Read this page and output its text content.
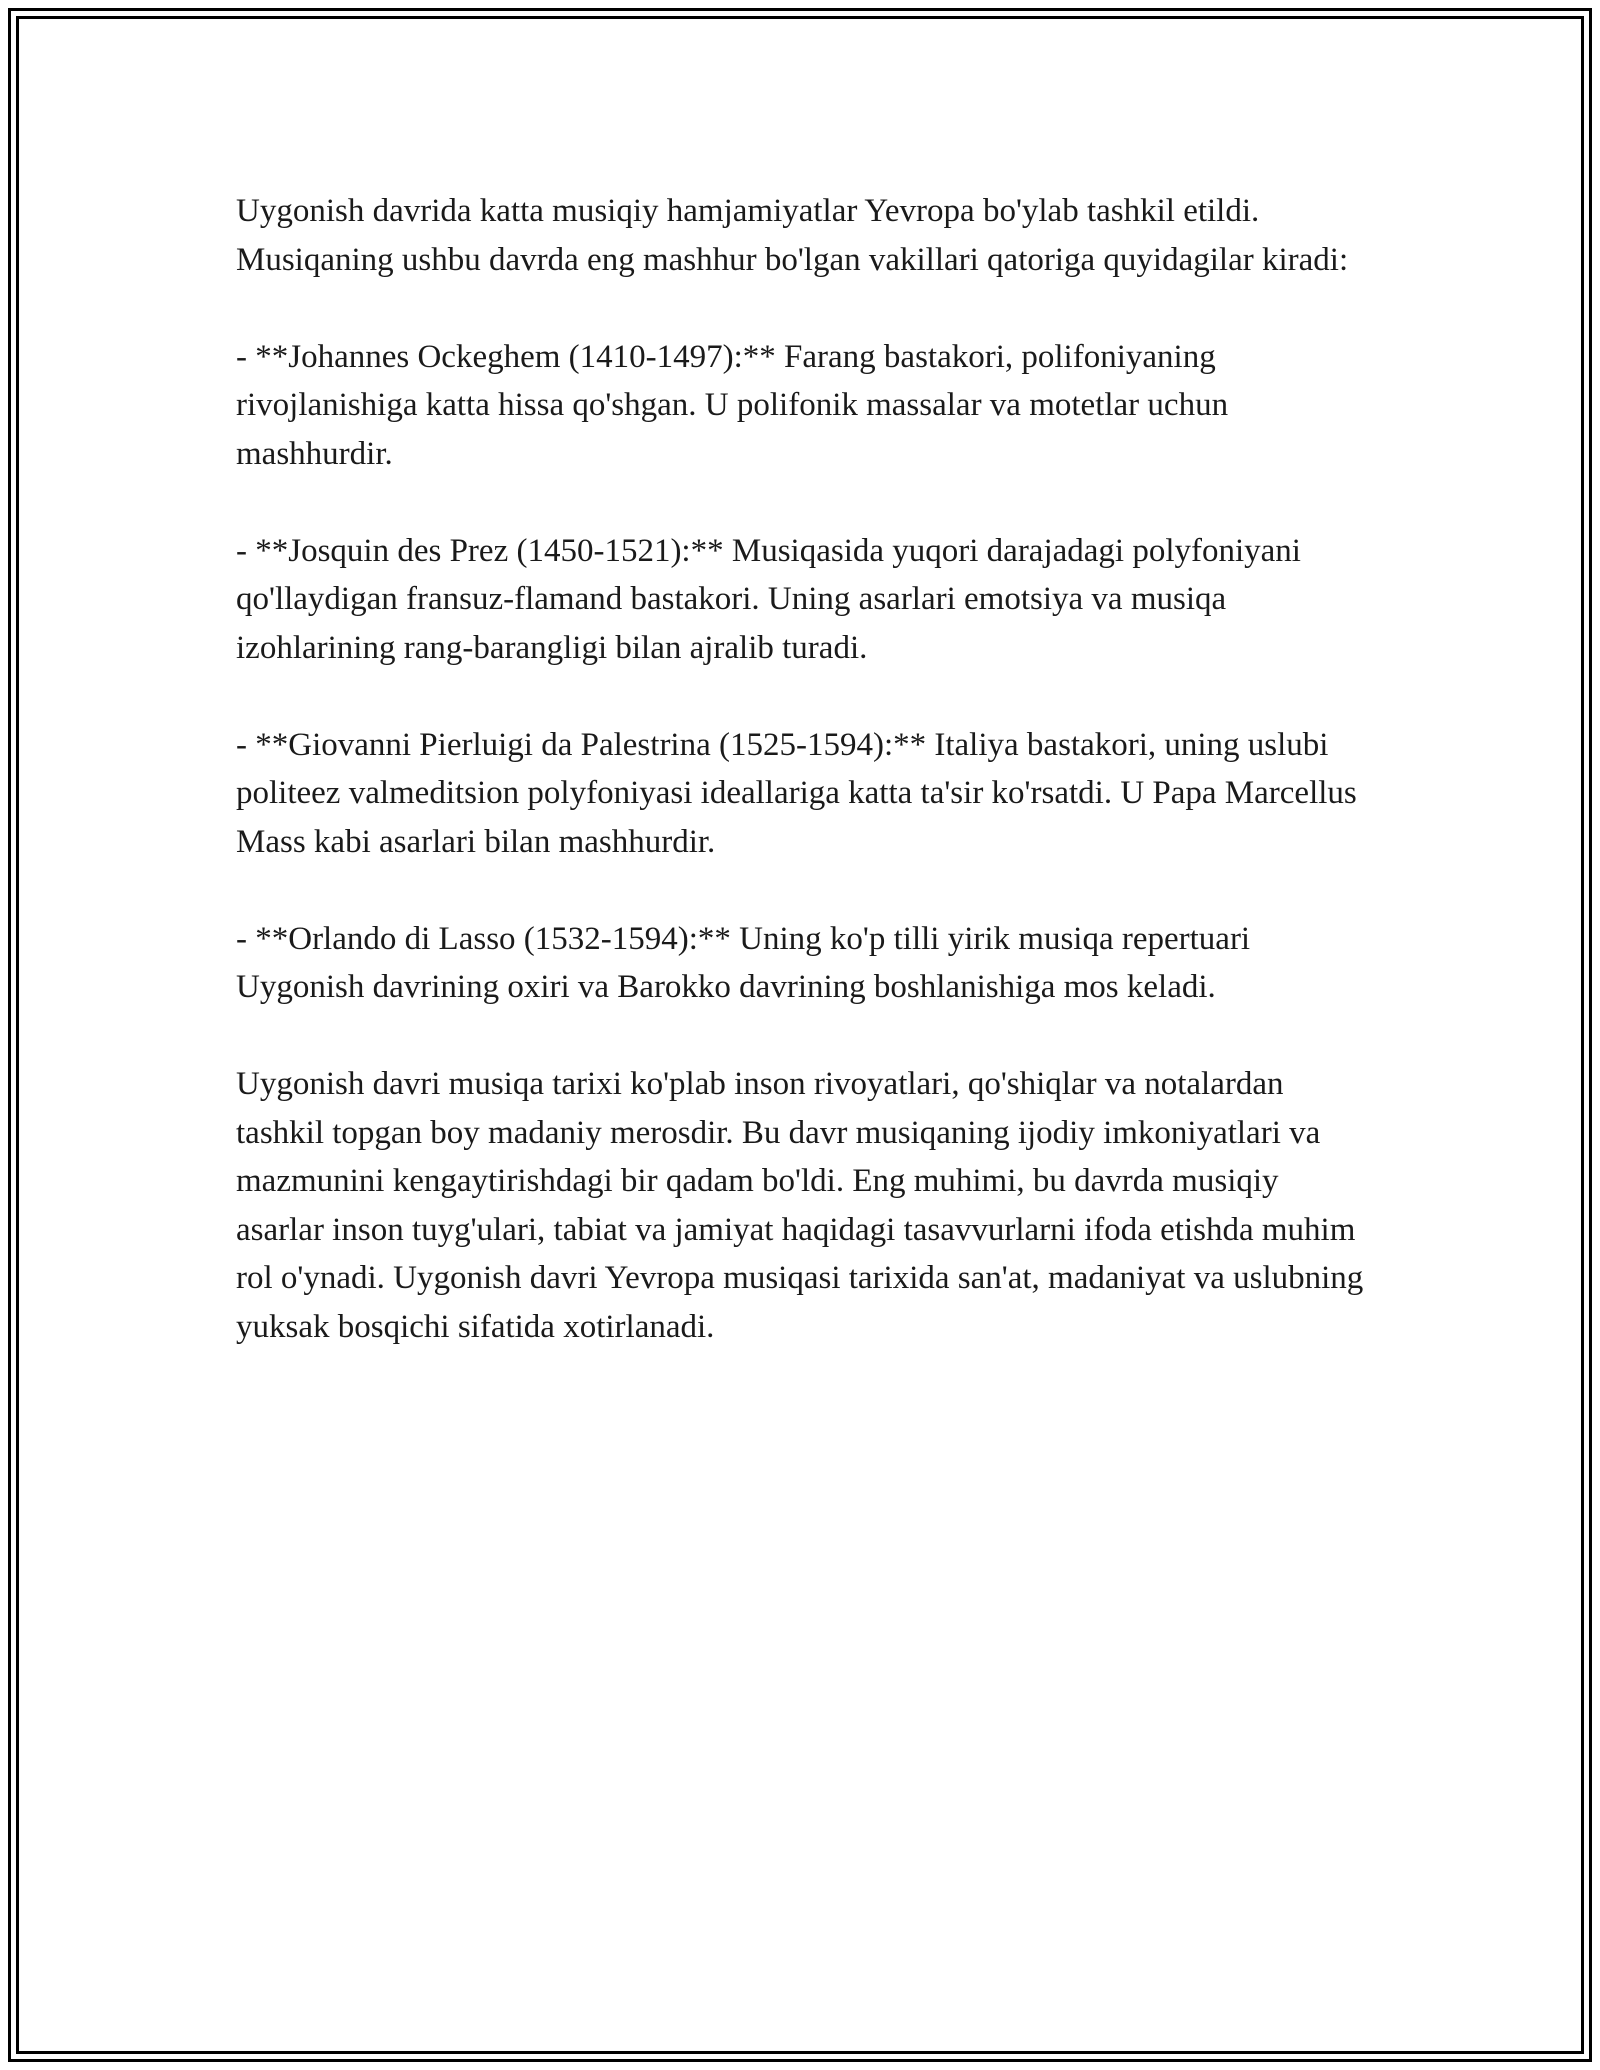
Uygonish davrida katta musiqiy hamjamiyatlar Yevropa bo'ylab tashkil etildi. Musiqaning ushbu davrda eng mashhur bo'lgan vakillari qatoriga quyidagilar kiradi:

- **Johannes Ockeghem (1410-1497):** Farang bastakori, polifoniyaning rivojlanishiga katta hissa qo'shgan. U polifonik massalar va motetlar uchun mashhurdir.

- **Josquin des Prez (1450-1521):** Musiqasida yuqori darajadagi polyfoniyani qo'llaydigan fransuz-flamand bastakori. Uning asarlari emotsiya va musiqa izohlarining rang-barangligi bilan ajralib turadi.

- **Giovanni Pierluigi da Palestrina (1525-1594):** Italiya bastakori, uning uslubi politeez valmeditsion polyfoniyasi ideallariga katta ta'sir ko'rsatdi. U Papa Marcellus Mass kabi asarlari bilan mashhurdir.

- **Orlando di Lasso (1532-1594):** Uning ko'p tilli yirik musiqa repertuari Uygonish davrining oxiri va Barokko davrining boshlanishiga mos keladi.

Uygonish davri musiqa tarixi ko'plab inson rivoyatlari, qo'shiqlar va notalardan tashkil topgan boy madaniy merosdir. Bu davr musiqaning ijodiy imkoniyatlari va mazmunini kengaytirishdagi bir qadam bo'ldi. Eng muhimi, bu davrda musiqiy asarlar inson tuyg'ulari, tabiat va jamiyat haqidagi tasavvurlarni ifoda etishda muhim rol o'ynadi. Uygonish davri Yevropa musiqasi tarixida san'at, madaniyat va uslubning yuksak bosqichi sifatida xotirlanadi.
